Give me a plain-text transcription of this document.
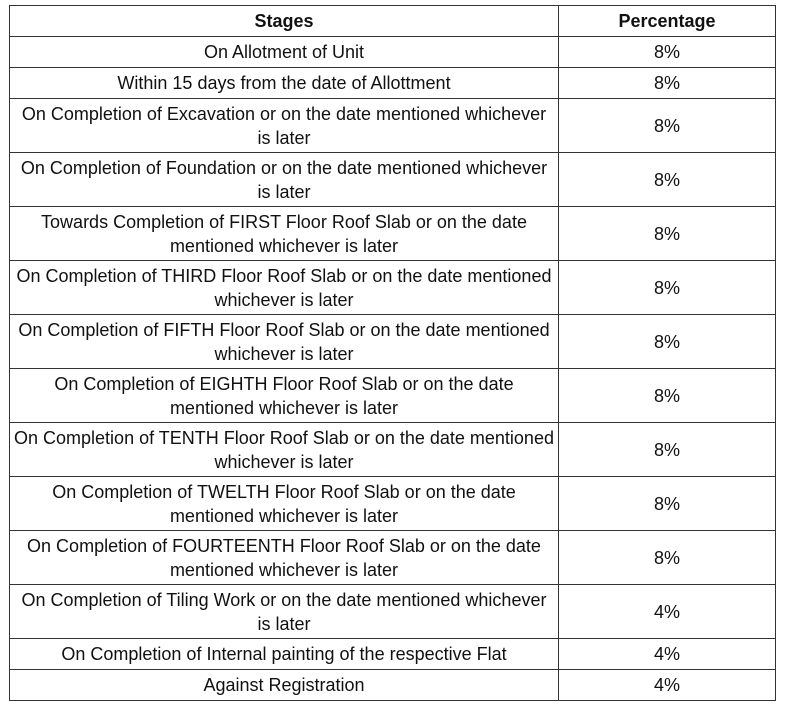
Stages	Percentage
On Allotment of Unit	8%
Within 15 days from the date of Allottment	8%
On Completion of Excavation or on the date mentioned whichever is later	8%
On Completion of Foundation or on the date mentioned whichever is later	8%
Towards Completion of FIRST Floor Roof Slab or on the date mentioned whichever is later	8%
On Completion of THIRD Floor Roof Slab or on the date mentioned whichever is later	8%
On Completion of FIFTH Floor Roof Slab or on the date mentioned whichever is later	8%
On Completion of EIGHTH Floor Roof Slab or on the date mentioned whichever is later	8%
On Completion of TENTH Floor Roof Slab or on the date mentioned whichever is later	8%
On Completion of TWELTH Floor Roof Slab or on the date mentioned whichever is later	8%
On Completion of FOURTEENTH Floor Roof Slab or on the date mentioned whichever is later	8%
On Completion of Tiling Work or on the date mentioned whichever is later	4%
On Completion of Internal painting of the respective Flat	4%
Against Registration	4%
